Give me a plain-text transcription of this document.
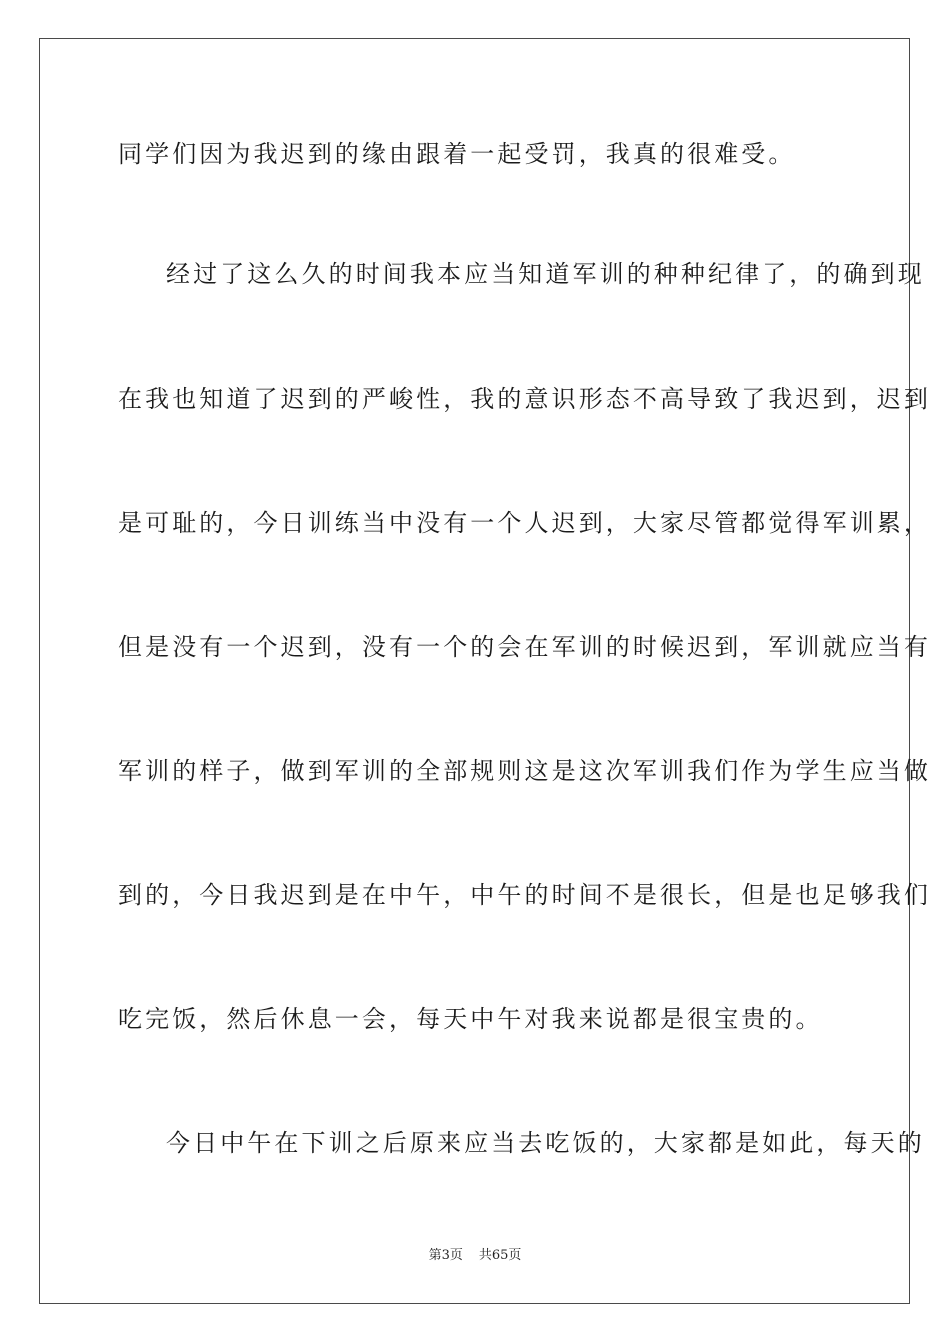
同学们因为我迟到的缘由跟着一起受罚，我真的很难受。
经过了这么久的时间我本应当知道军训的种种纪律了，的确到现
在我也知道了迟到的严峻性，我的意识形态不高导致了我迟到，迟到
是可耻的，今日训练当中没有一个人迟到，大家尽管都觉得军训累，
但是没有一个迟到，没有一个的会在军训的时候迟到，军训就应当有
军训的样子，做到军训的全部规则这是这次军训我们作为学生应当做
到的，今日我迟到是在中午，中午的时间不是很长，但是也足够我们
吃完饭，然后休息一会，每天中午对我来说都是很宝贵的。
今日中午在下训之后原来应当去吃饭的，大家都是如此，每天的
第3页 共65页
